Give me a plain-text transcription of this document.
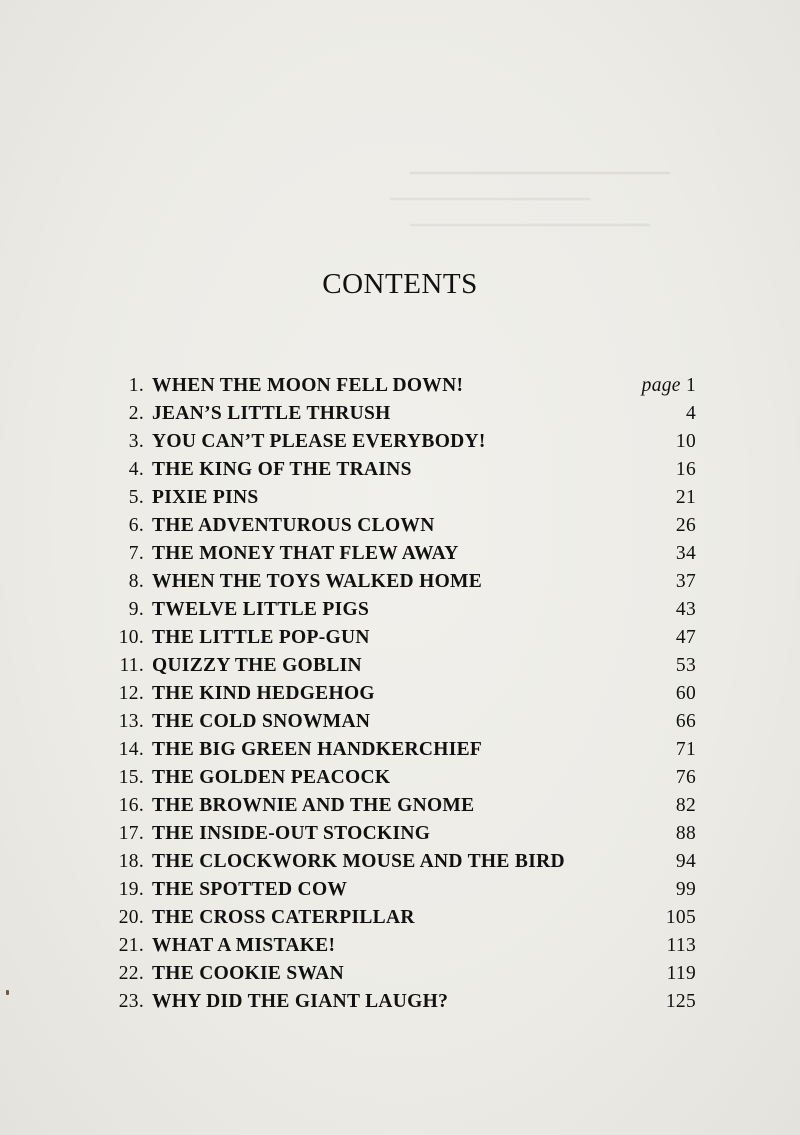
CONTENTS
1. WHEN THE MOON FELL DOWN!	page 1
2. JEAN’S LITTLE THRUSH	4
3. YOU CAN’T PLEASE EVERYBODY!	10
4. THE KING OF THE TRAINS	16
5. PIXIE PINS	21
6. THE ADVENTUROUS CLOWN	26
7. THE MONEY THAT FLEW AWAY	34
8. WHEN THE TOYS WALKED HOME	37
9. TWELVE LITTLE PIGS	43
10. THE LITTLE POP-GUN	47
11. QUIZZY THE GOBLIN	53
12. THE KIND HEDGEHOG	60
13. THE COLD SNOWMAN	66
14. THE BIG GREEN HANDKERCHIEF	71
15. THE GOLDEN PEACOCK	76
16. THE BROWNIE AND THE GNOME	82
17. THE INSIDE-OUT STOCKING	88
18. THE CLOCKWORK MOUSE AND THE BIRD	94
19. THE SPOTTED COW	99
20. THE CROSS CATERPILLAR	105
21. WHAT A MISTAKE!	113
22. THE COOKIE SWAN	119
23. WHY DID THE GIANT LAUGH?	125
